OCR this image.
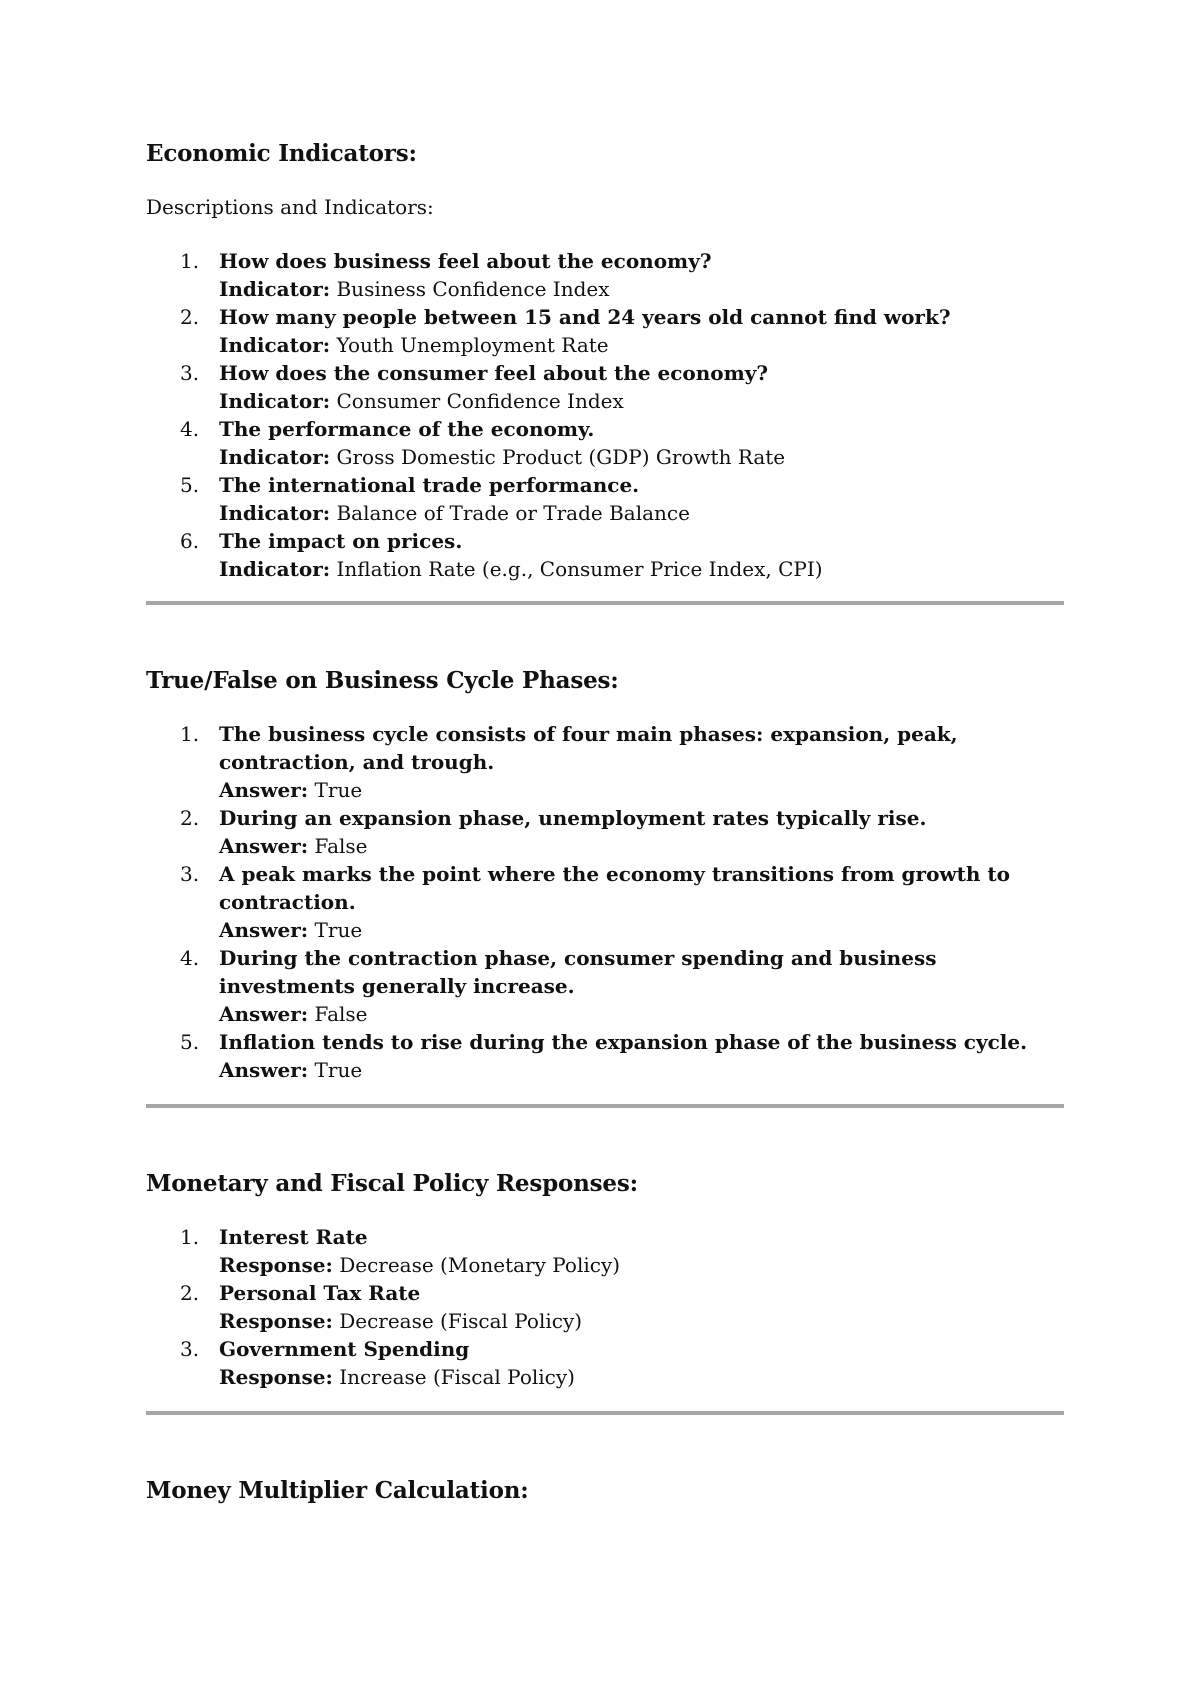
Economic Indicators:

Descriptions and Indicators:

1. How does business feel about the economy?
Indicator: Business Confidence Index
2. How many people between 15 and 24 years old cannot find work?
Indicator: Youth Unemployment Rate
3. How does the consumer feel about the economy?
Indicator: Consumer Confidence Index
4. The performance of the economy.
Indicator: Gross Domestic Product (GDP) Growth Rate
5. The international trade performance.
Indicator: Balance of Trade or Trade Balance
6. The impact on prices.
Indicator: Inflation Rate (e.g., Consumer Price Index, CPI)
True/False on Business Cycle Phases:
1. The business cycle consists of four main phases: expansion, peak, contraction, and trough.
Answer: True
2. During an expansion phase, unemployment rates typically rise.
Answer: False
3. A peak marks the point where the economy transitions from growth to contraction.
Answer: True
4. During the contraction phase, consumer spending and business investments generally increase.
Answer: False
5. Inflation tends to rise during the expansion phase of the business cycle.
Answer: True
Monetary and Fiscal Policy Responses:
1. Interest Rate
Response: Decrease (Monetary Policy)
2. Personal Tax Rate
Response: Decrease (Fiscal Policy)
3. Government Spending
Response: Increase (Fiscal Policy)
Money Multiplier Calculation:
